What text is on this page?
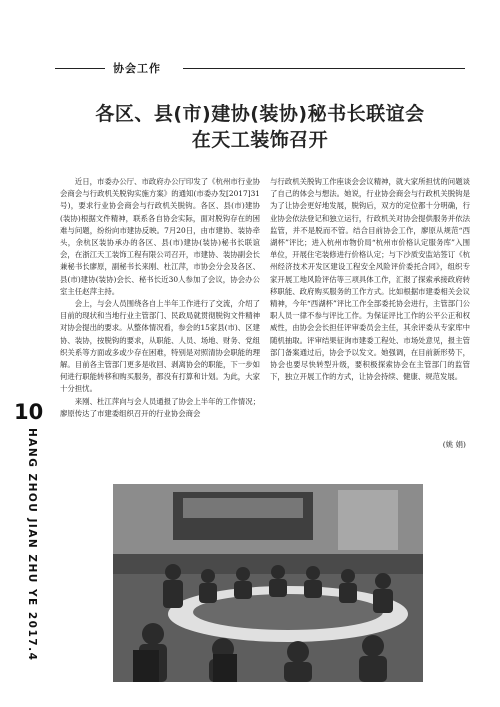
协会工作
各区、县(市)建协(装协)秘书长联谊会
在天工装饰召开

近日，市委办公厅、市政府办公厅印发了《杭州市行业协会商会与行政机关脱钩实施方案》的通知(市委办发[2017]31号)，要求行业协会商会与行政机关脱钩。各区、县(市)建协(装协)根据文件精神，联系各自协会实际，面对脱钩存在的困难与问题，纷纷向市建协反映。7月20日，由市建协、装协牵头，余杭区装协承办的各区、县(市)建协(装协)秘书长联谊会，在浙江天工装饰工程有限公司召开，市建协、装协副会长兼秘书长廖原，副秘书长来刚、杜江萍，市协会分会及各区、县(市)建协(装协)会长、秘书长近30人参加了会议，协会办公室主任赵萍主持。

会上，与会人员围绕各自上半年工作进行了交流，介绍了目前的现状和当地行业主管部门、民政局就贯彻脱钩文件精神对协会提出的要求。从整体情况看，参会的15家县(市)、区建协、装协，按脱钩的要求，从职能、人员、场地、财务、党组织关系等方面或多或少存在困难，特别是对照清协会职能的理解。目前各主管部门更多是收回、剥离协会的职能，下一步如何进行职能转移和购买服务，都没有打算和计划。为此，大家十分担忧。

来刚、杜江萍向与会人员通报了协会上半年的工作情况；廖原传达了市建委组织召开的行业协会商会

与行政机关脱钩工作座谈会会议精神，就大家所担忧的问题谈了自己的体会与想法。她说，行业协会商会与行政机关脱钩是为了让协会更好地发展，脱钩后，双方的定位都十分明确，行业协会依法登记和独立运行，行政机关对协会提供服务并依法监管，并不是脱而不管。结合目前协会工作，廖原从规范“西湖杯”评比；进入杭州市物价局“杭州市价格认定服务库”入围单位，开展住宅装修进行价格认定；与下沙质安监站签订《杭州经济技术开发区建设工程安全风险评价委托合同》，组织专家开展工地风险评估等三项具体工作，汇报了探索承接政府转移职能、政府购买服务的工作方式。比如根据市建委相关会议精神，今年“西湖杯”评比工作全部委托协会进行，主管部门公职人员一律不参与评比工作。为保证评比工作的公平公正和权威性，由协会会长担任评审委员会主任，其余评委从专家库中随机抽取。评审结果征询市建委工程处、市场处意见，报主管部门备案通过后，协会予以发文。她强调，在目前新形势下，协会也要尽快转型升级，要积极探索协会在主管部门的监管下，独立开展工作的方式，让协会持续、健康、规范发展。

(姚 娟)
10
HANG ZHOU JIAN ZHU YE 2017.4
